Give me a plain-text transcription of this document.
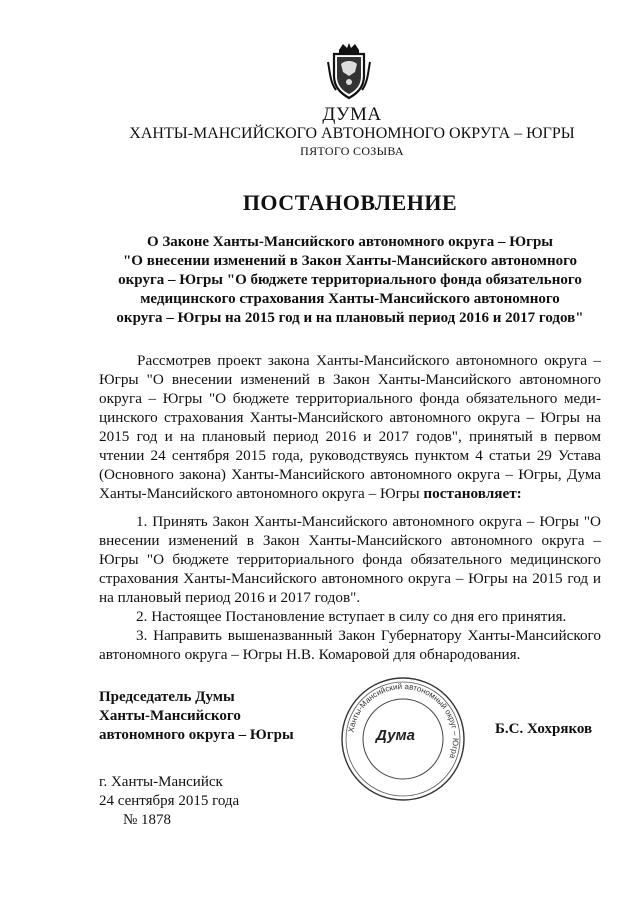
ДУМА
ХАНТЫ-МАНСИЙСКОГО АВТОНОМНОГО ОКРУГА – ЮГРЫ
ПЯТОГО СОЗЫВА
ПОСТАНОВЛЕНИЕ
О Законе Ханты-Мансийского автономного округа – Югры
"О внесении изменений в Закон Ханты-Мансийского автономного
округа – Югры "О бюджете территориального фонда обязательного
медицинского страхования Ханты-Мансийского автономного
округа – Югры на 2015 год и на плановый период 2016 и 2017 годов"

Рассмотрев проект закона Ханты-Мансийского автономного округа – Югры "О внесении изменений в Закон Ханты-Мансийского автономного округа – Югры "О бюджете территориального фонда обязательного медицинского страхования Ханты-Мансийского автономного округа – Югры на 2015 год и на плановый период 2016 и 2017 годов", принятый в первом чтении 24 сентября 2015 года, руководствуясь пунктом 4 статьи 29 Устава (Основного закона) Ханты-Мансийского автономного округа – Югры, Дума Ханты-Мансийского автономного округа – Югры постановляет:

1. Принять Закон Ханты-Мансийского автономного округа – Югры "О внесении изменений в Закон Ханты-Мансийского автономного округа – Югры "О бюджете территориального фонда обязательного медицинского страхования Ханты-Мансийского автономного округа – Югры на 2015 год и на плановый период 2016 и 2017 годов".

2. Настоящее Постановление вступает в силу со дня его принятия.

3. Направить вышеназванный Закон Губернатору Ханты-Мансийского автономного округа – Югры Н.В. Комаровой для обнародования.

Председатель Думы
Ханты-Мансийского
автономного округа – Югры	Ханты-Мансийский автономный округ – Югра
Дума	Б.С. Хохряков
г. Ханты-Мансийск
24 сентября 2015 года
№ 1878
